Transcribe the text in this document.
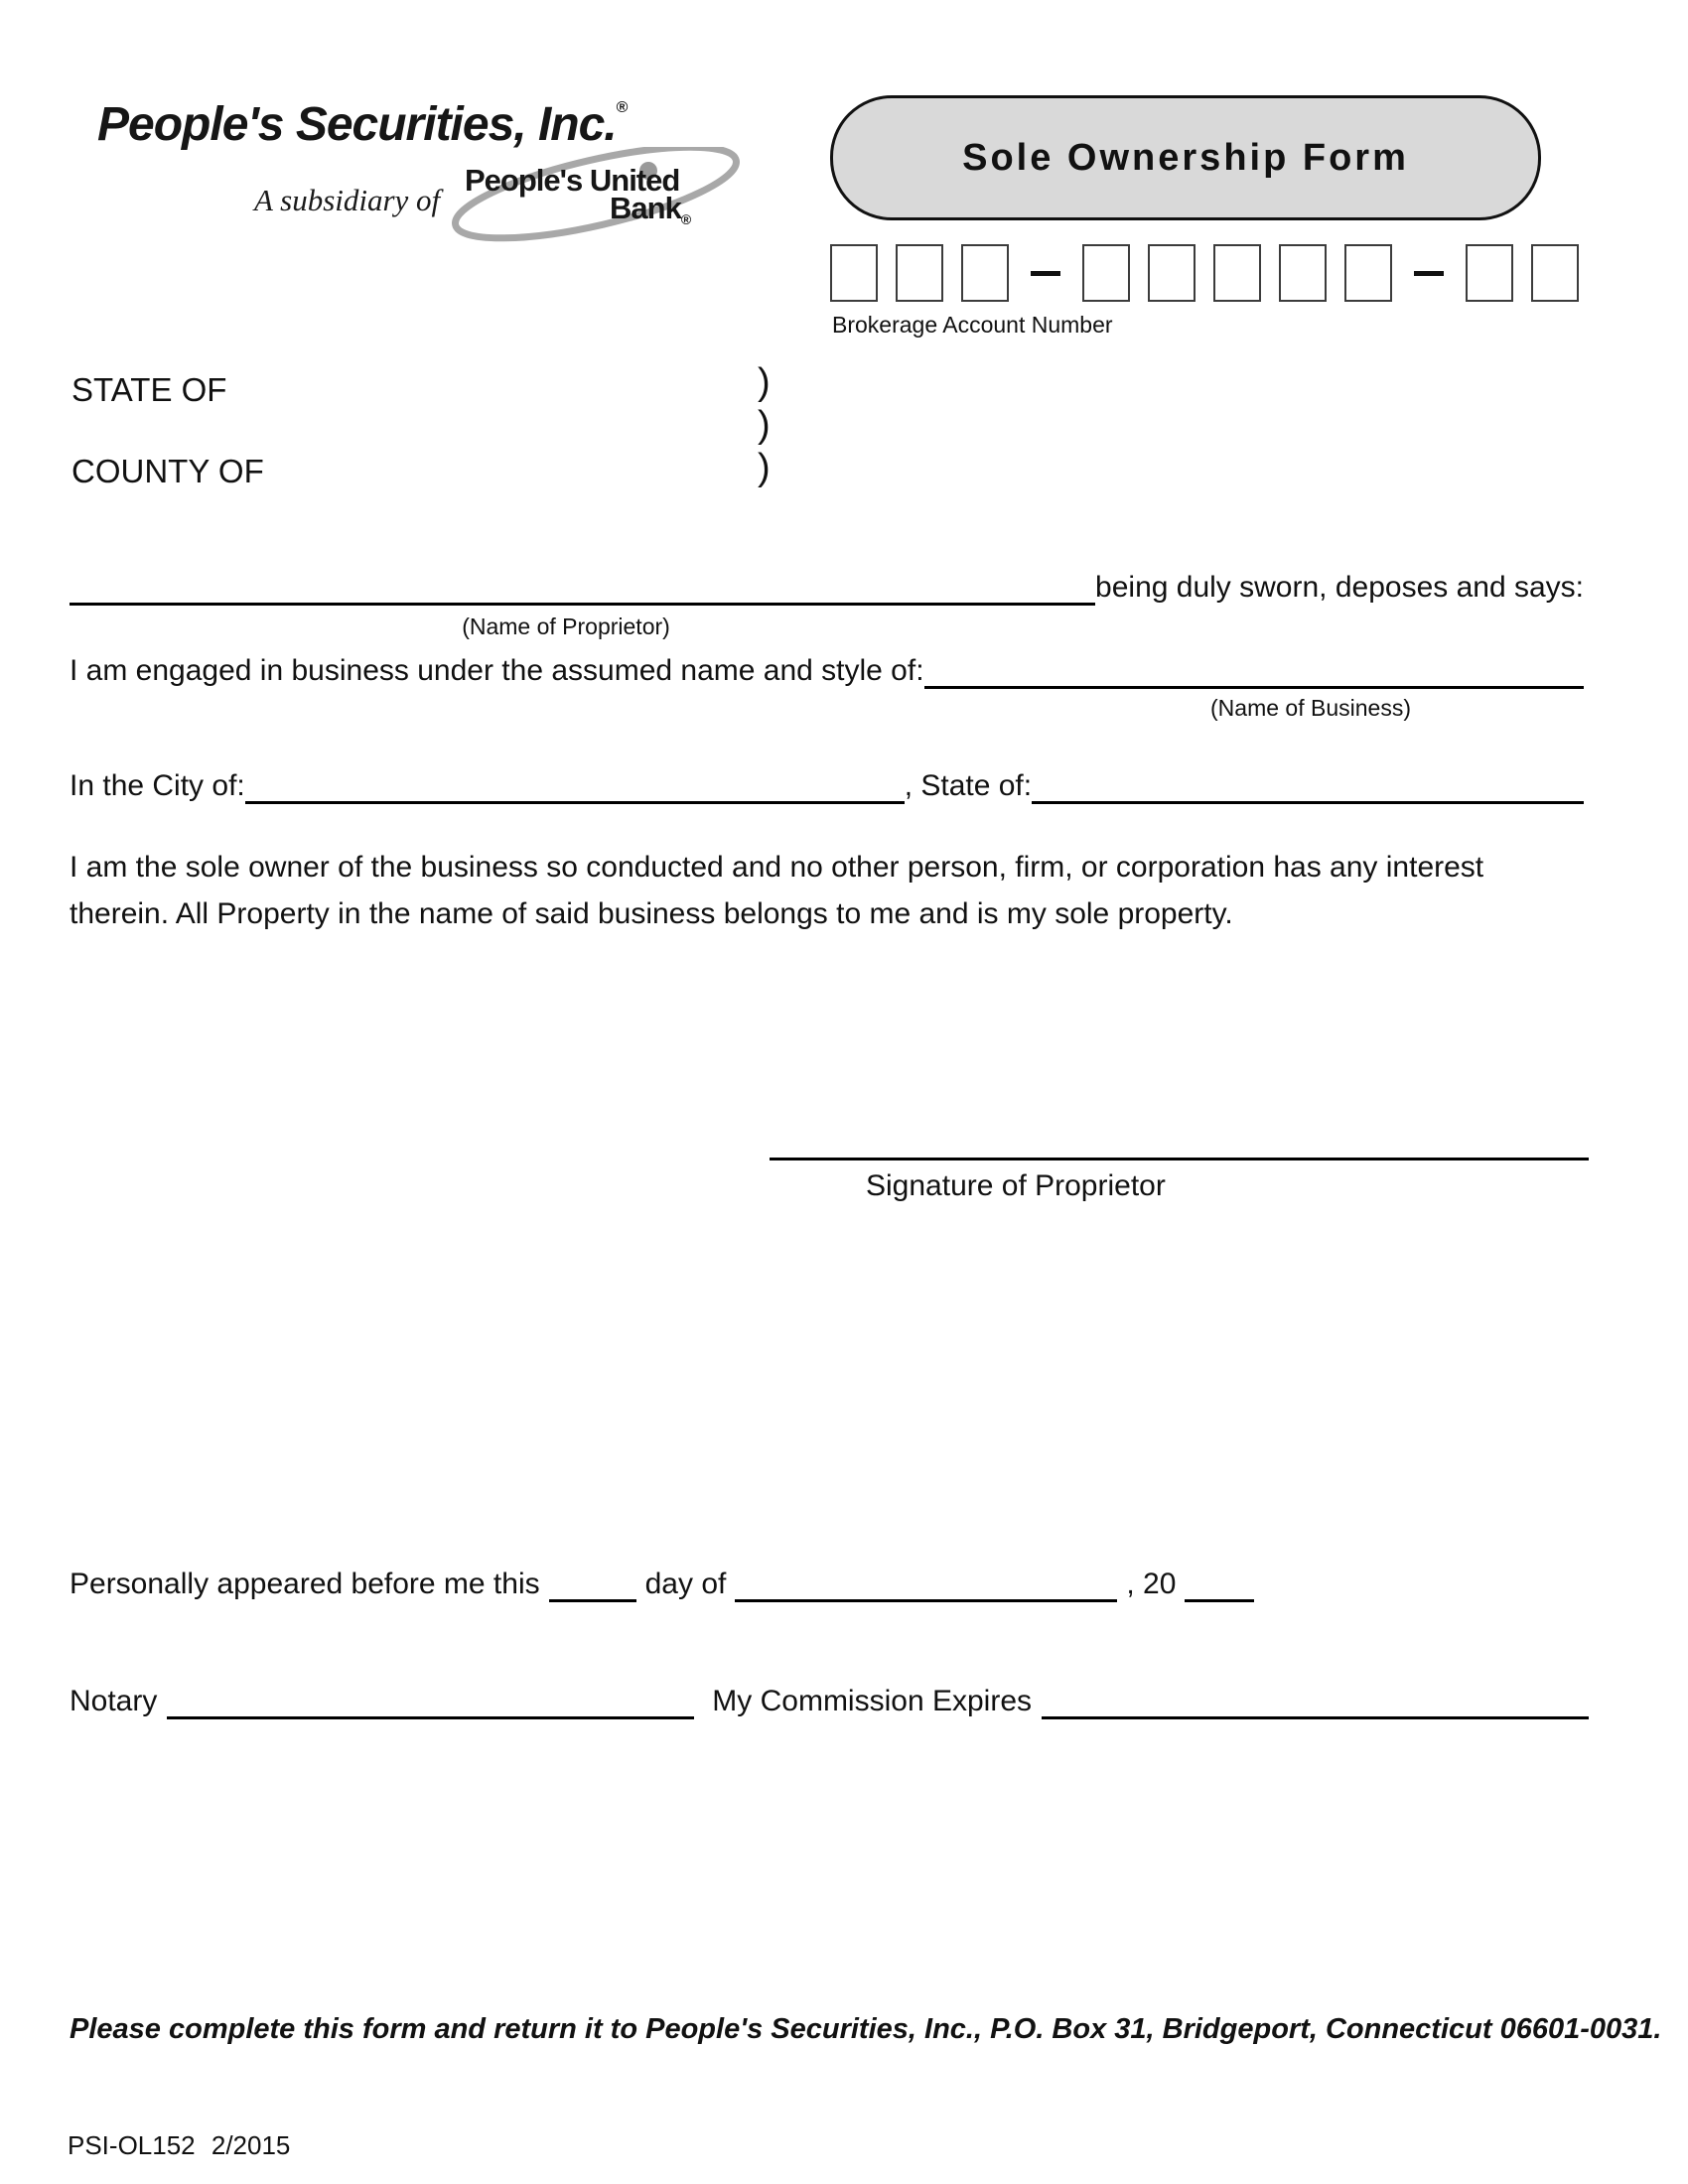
People's Securities, Inc.®
A subsidiary of
People's United
Bank®
Sole Ownership Form
Brokerage Account Number
STATE OF
COUNTY OF
)
)
)
being duly sworn, deposes and says:
(Name of Proprietor)
I am engaged in business under the assumed name and style of:
(Name of Business)
In the City of:	, State of:
I am the sole owner of the business so conducted and no other person, firm, or corporation has any interest therein. All Property in the name of said business belongs to me and is my sole property.
Signature of Proprietor
Personally appeared before me this	day of	, 20
Notary	My Commission Expires
Please complete this form and return it to People's Securities, Inc., P.O. Box 31, Bridgeport, Connecticut 06601-0031.
PSI-OL152 2/2015
